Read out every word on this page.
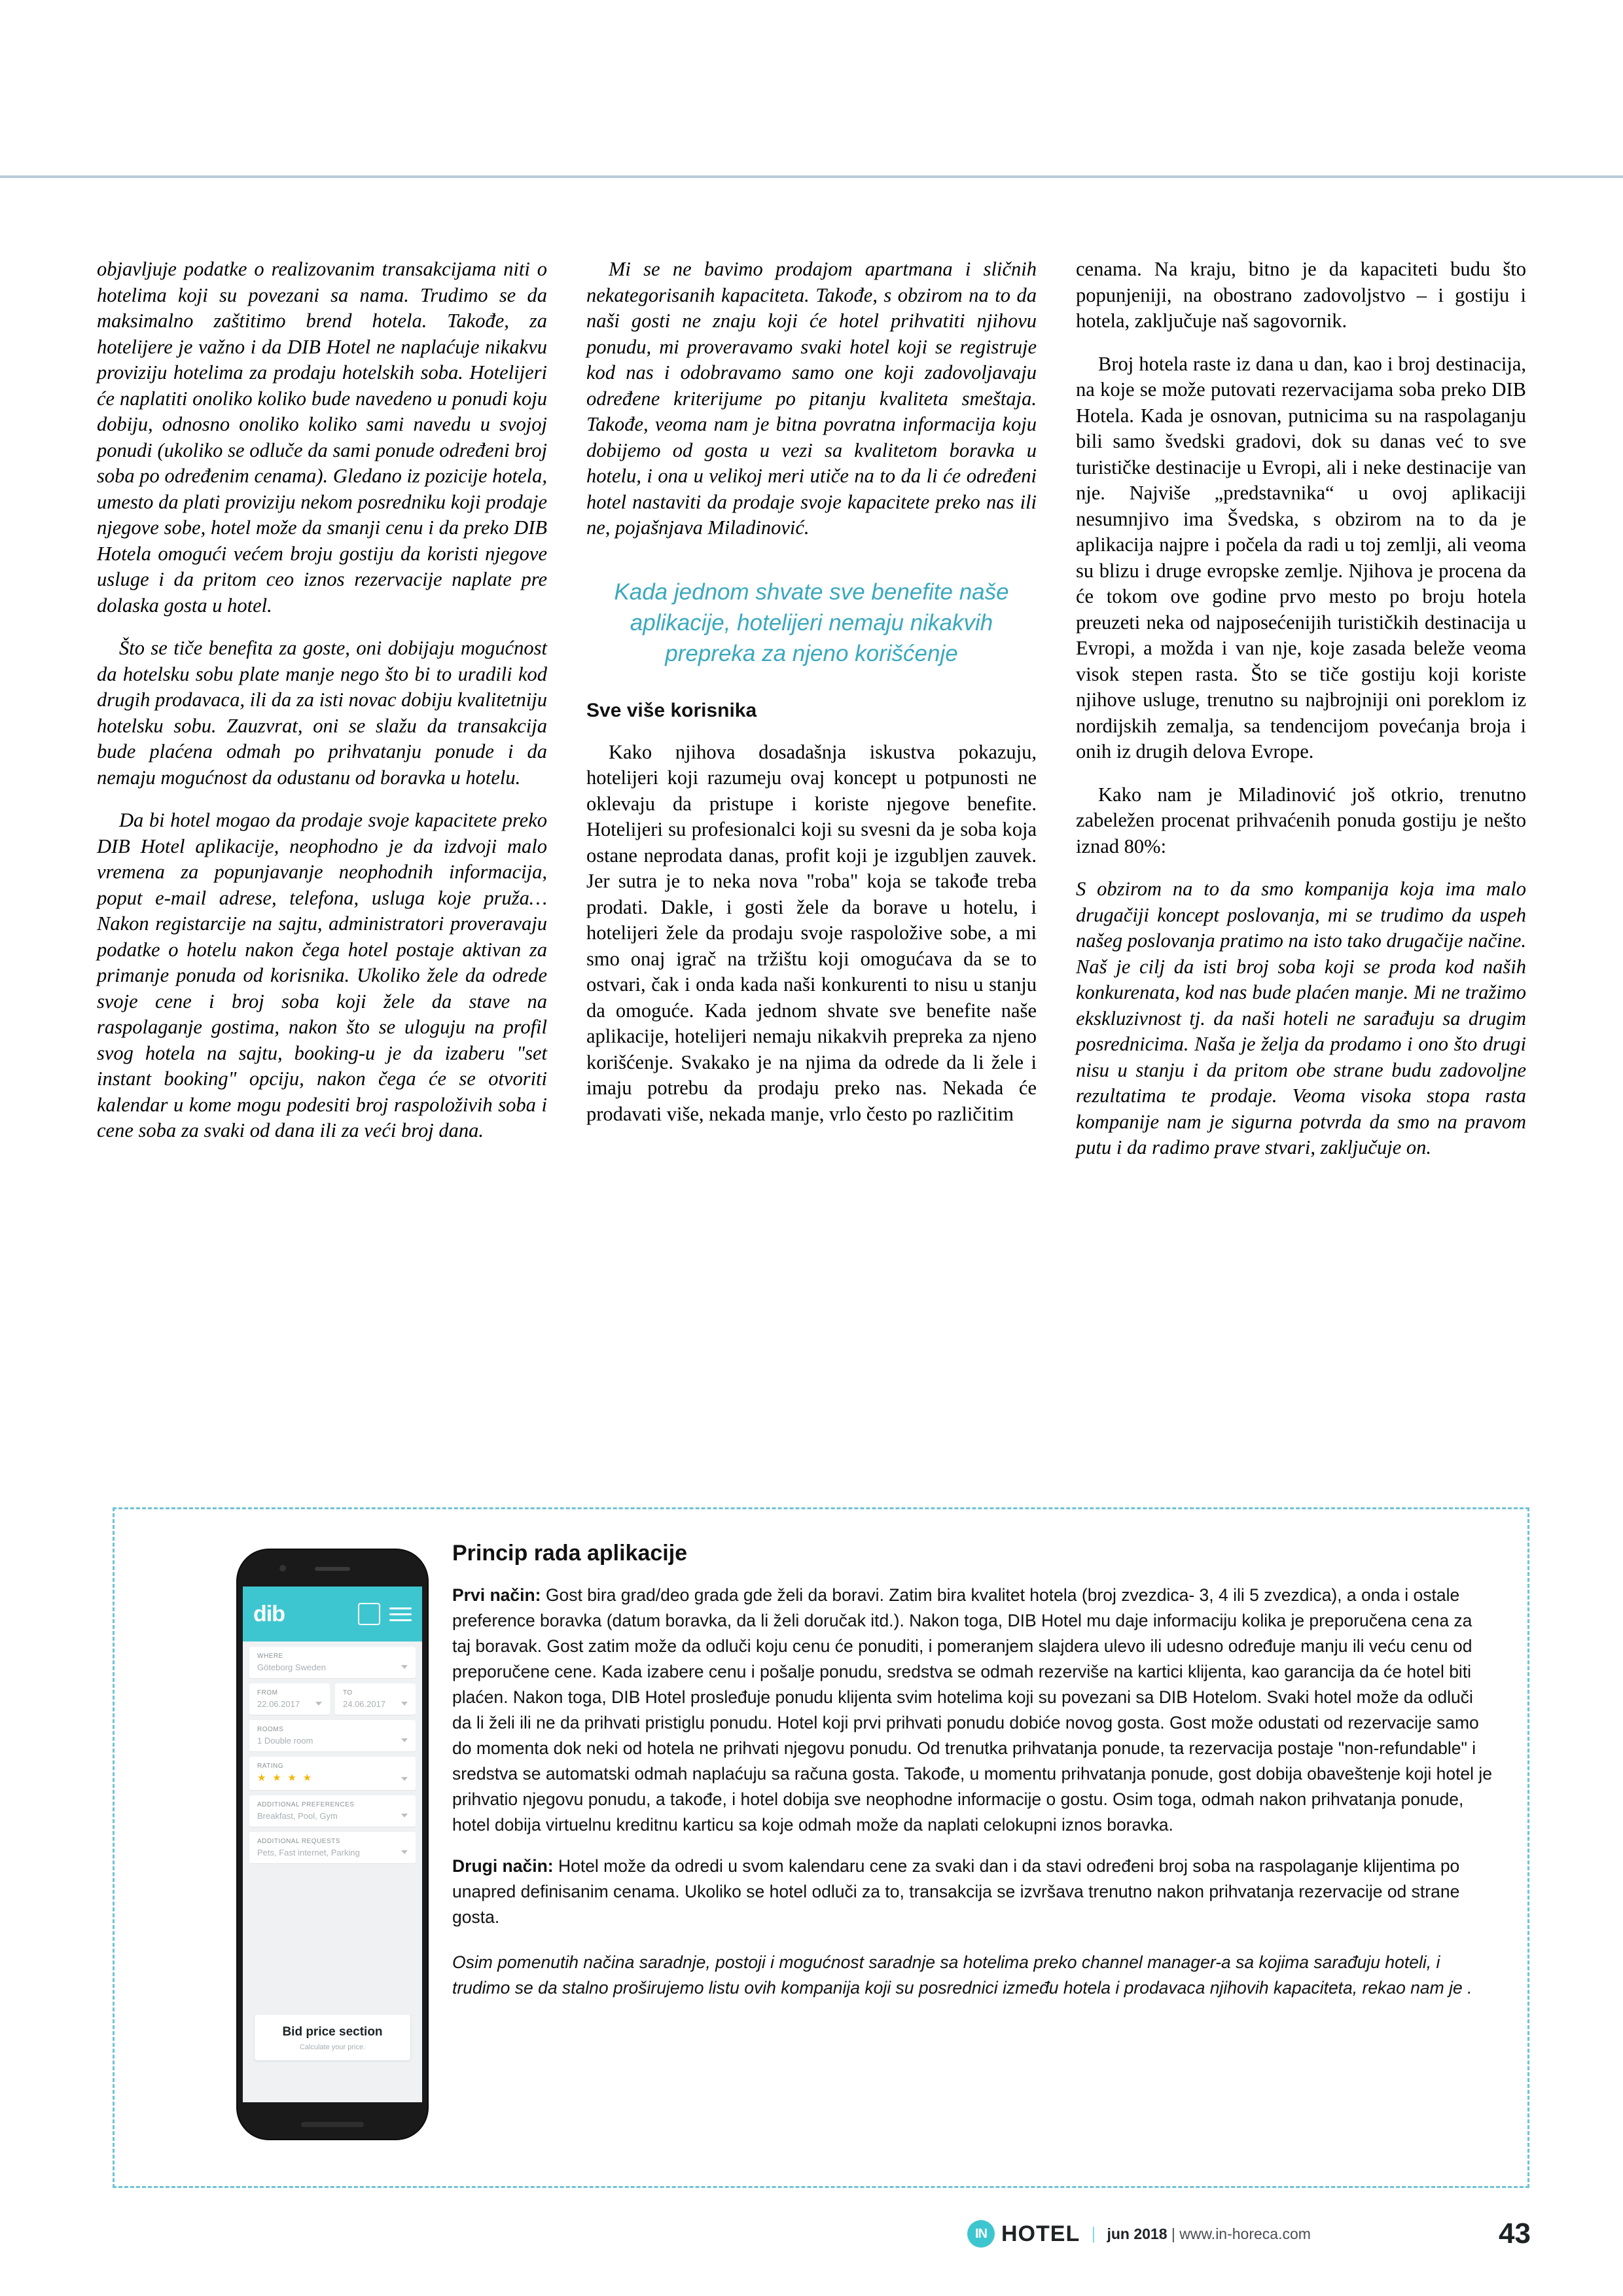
objavljuje podatke o realizovanim transakcijama niti o hotelima koji su povezani sa nama. Trudimo se da maksimalno zaštitimo brend hotela. Takođe, za hotelijere je važno i da DIB Hotel ne naplaćuje nikakvu proviziju hotelima za prodaju hotelskih soba. Hotelijeri će naplatiti onoliko koliko bude navedeno u ponudi koju dobiju, odnosno onoliko koliko sami navedu u svojoj ponudi (ukoliko se odluče da sami ponude određeni broj soba po određenim cenama). Gledano iz pozicije hotela, umesto da plati proviziju nekom posredniku koji prodaje njegove sobe, hotel može da smanji cenu i da preko DIB Hotela omogući većem broju gostiju da koristi njegove usluge i da pritom ceo iznos rezervacije naplate pre dolaska gosta u hotel.

Što se tiče benefita za goste, oni dobijaju mogućnost da hotelsku sobu plate manje nego što bi to uradili kod drugih prodavaca, ili da za isti novac dobiju kvalitetniju hotelsku sobu. Zauzvrat, oni se slažu da transakcija bude plaćena odmah po prihvatanju ponude i da nemaju mogućnost da odustanu od boravka u hotelu.

Da bi hotel mogao da prodaje svoje kapacitete preko DIB Hotel aplikacije, neophodno je da izdvoji malo vremena za popunjavanje neophodnih informacija, poput e-mail adrese, telefona, usluga koje pruža… Nakon registarcije na sajtu, administratori proveravaju podatke o hotelu nakon čega hotel postaje aktivan za primanje ponuda od korisnika. Ukoliko žele da odrede svoje cene i broj soba koji žele da stave na raspolaganje gostima, nakon što se uloguju na profil svog hotela na sajtu, booking‑u je da izaberu "set instant booking" opciju, nakon čega će se otvoriti kalendar u kome mogu podesiti broj raspoloživih soba i cene soba za svaki od dana ili za veći broj dana.

Mi se ne bavimo prodajom apartmana i sličnih nekategorisanih kapaciteta. Takođe, s obzirom na to da naši gosti ne znaju koji će hotel prihvatiti njihovu ponudu, mi proveravamo svaki hotel koji se registruje kod nas i odobravamo samo one koji zadovoljavaju određene kriterijume po pitanju kvaliteta smeštaja. Takođe, veoma nam je bitna povratna informacija koju dobijemo od gosta u vezi sa kvalitetom boravka u hotelu, i ona u velikoj meri utiče na to da li će određeni hotel nastaviti da prodaje svoje kapacitete preko nas ili ne, pojašnjava Miladinović.

Kada jednom shvate sve benefite naše aplikacije, hotelijeri nemaju nikakvih prepreka za njeno korišćenje
Sve više korisnika

Kako njihova dosadašnja iskustva pokazuju, hotelijeri koji razumeju ovaj koncept u potpunosti ne oklevaju da pristupe i koriste njegove benefite. Hotelijeri su profesionalci koji su svesni da je soba koja ostane neprodata danas, profit koji je izgubljen zauvek. Jer sutra je to neka nova "roba" koja se takođe treba prodati. Dakle, i gosti žele da borave u hotelu, i hotelijeri žele da prodaju svoje raspoložive sobe, a mi smo onaj igrač na tržištu koji omogućava da se to ostvari, čak i onda kada naši konkurenti to nisu u stanju da omoguće. Kada jednom shvate sve benefite naše aplikacije, hotelijeri nemaju nikakvih prepreka za njeno korišćenje. Svakako je na njima da odrede da li žele i imaju potrebu da prodaju preko nas. Nekada će prodavati više, nekada manje, vrlo često po različitim

cenama. Na kraju, bitno je da kapaciteti budu što popunjeniji, na obostrano zadovoljstvo – i gostiju i hotela, zaključuje naš sagovornik.

Broj hotela raste iz dana u dan, kao i broj destinacija, na koje se može putovati rezervacijama soba preko DIB Hotela. Kada je osnovan, putnicima su na raspolaganju bili samo švedski gradovi, dok su danas već to sve turističke destinacije u Evropi, ali i neke destinacije van nje. Najviše „predstavnika“ u ovoj aplikaciji nesumnjivo ima Švedska, s obzirom na to da je aplikacija najpre i počela da radi u toj zemlji, ali veoma su blizu i druge evropske zemlje. Njihova je procena da će tokom ove godine prvo mesto po broju hotela preuzeti neka od najposećenijih turističkih destinacija u Evropi, a možda i van nje, koje zasada beleže veoma visok stepen rasta. Što se tiče gostiju koji koriste njihove usluge, trenutno su najbrojniji oni poreklom iz nordijskih zemalja, sa tendencijom povećanja broja i onih iz drugih delova Evrope.

Kako nam je Miladinović još otkrio, trenutno zabeležen procenat prihvaćenih ponuda gostiju je nešto iznad 80%:

S obzirom na to da smo kompanija koja ima malo drugačiji koncept poslovanja, mi se trudimo da uspeh našeg poslovanja pratimo na isto tako drugačije načine. Naš je cilj da isti broj soba koji se proda kod naših konkurenata, kod nas bude plaćen manje. Mi ne tražimo ekskluzivnost tj. da naši hoteli ne sarađuju sa drugim posrednicima. Naša je želja da prodamo i ono što drugi nisu u stanju i da pritom obe strane budu zadovoljne rezultatima te prodaje. Veoma visoka stopa rasta kompanije nam je sigurna potvrda da smo na pravom putu i da radimo prave stvari, zaključuje on.

dib
WHERE
Göteborg Sweden
FROM
22.06.2017
TO
24.06.2017
ROOMS
1 Double room
RATING
★ ★ ★ ★
ADDITIONAL PREFERENCES
Breakfast, Pool, Gym
ADDITIONAL REQUESTS
Pets, Fast internet, Parking
Bid price section
Calculate your price.
Princip rada aplikacije

Prvi način: Gost bira grad/deo grada gde želi da boravi. Zatim bira kvalitet hotela (broj zvezdica- 3, 4 ili 5 zvezdica), a onda i ostale preference boravka (datum boravka, da li želi doručak itd.). Nakon toga, DIB Hotel mu daje informaciju kolika je preporučena cena za taj boravak. Gost zatim može da odluči koju cenu će ponuditi, i pomeranjem slajdera ulevo ili udesno određuje manju ili veću cenu od preporučene cene. Kada izabere cenu i pošalje ponudu, sredstva se odmah rezerviše na kartici klijenta, kao garancija da će hotel biti plaćen. Nakon toga, DIB Hotel prosleđuje ponudu klijenta svim hotelima koji su povezani sa DIB Hotelom. Svaki hotel može da odluči da li želi ili ne da prihvati pristiglu ponudu. Hotel koji prvi prihvati ponudu dobiće novog gosta. Gost može odustati od rezervacije samo do momenta dok neki od hotela ne prihvati njegovu ponudu. Od trenutka prihvatanja ponude, ta rezervacija postaje "non-refundable" i sredstva se automatski odmah naplaćuju sa računa gosta. Takođe, u momentu prihvatanja ponude, gost dobija obaveštenje koji hotel je prihvatio njegovu ponudu, a takođe, i hotel dobija sve neophodne informacije o gostu. Osim toga, odmah nakon prihvatanja ponude, hotel dobija virtuelnu kreditnu karticu sa koje odmah može da naplati celokupni iznos boravka.

Drugi način: Hotel može da odredi u svom kalendaru cene za svaki dan i da stavi određeni broj soba na raspolaganje klijentima po unapred definisanim cenama. Ukoliko se hotel odluči za to, transakcija se izvršava trenutno nakon prihvatanja rezervacije od strane gosta.

Osim pomenutih načina saradnje, postoji i mogućnost saradnje sa hotelima preko channel manager-a sa kojima sarađuju hoteli, i trudimo se da stalno proširujemo listu ovih kompanija koji su posrednici između hotela i prodavaca njihovih kapaciteta, rekao nam je .

IN HOTEL | jun 2018 | www.in-horeca.com	43
